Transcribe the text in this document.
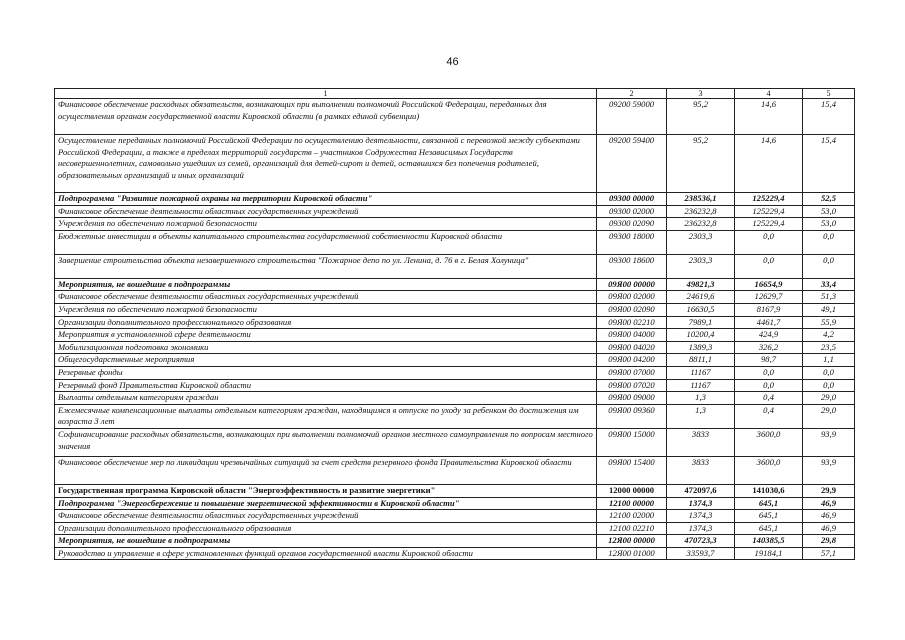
46
1	2	3	4	5
Финансовое обеспечение расходных обязательств, возникающих при выполнении полномочий Российской Федерации, переданных для осуществления органам государственной власти Кировской области (в рамках единой субвенции)	09200 59000	95,2	14,6	15,4
Осуществление переданных полномочий Российской Федерации по осуществлению деятельности, связанной с перевозкой между субъектами Российской Федерации, а также в пределах территорий государств – участников Содружества Независимых Государств несовершеннолетних, самовольно ушедших из семей, организаций для детей-сирот и детей, оставшихся без попечения родителей, образовательных организаций и иных организаций	09200 59400	95,2	14,6	15,4
Подпрограмма "Развитие пожарной охраны на территории Кировской области"	09300 00000	238536,1	125229,4	52,5
Финансовое обеспечение деятельности областных государственных учреждений	09300 02000	236232,8	125229,4	53,0
Учреждения по обеспечению пожарной безопасности	09300 02090	236232,8	125229,4	53,0
Бюджетные инвестиции в объекты капитального строительства государственной собственности Кировской области	09300 18000	2303,3	0,0	0,0
Завершение строительства объекта незавершенного строительства "Пожарное депо по ул. Ленина, д. 76 в г. Белая Холуница"	09300 18600	2303,3	0,0	0,0
Мероприятия, не вошедшие в подпрограммы	09Я00 00000	49821,3	16654,9	33,4
Финансовое обеспечение деятельности областных государственных учреждений	09Я00 02000	24619,6	12629,7	51,3
Учреждения по обеспечению пожарной безопасности	09Я00 02090	16630,5	8167,9	49,1
Организации дополнительного профессионального образования	09Я00 02210	7989,1	4461,7	55,9
Мероприятия в установленной сфере деятельности	09Я00 04000	10200,4	424,9	4,2
Мобилизационная подготовка экономики	09Я00 04020	1389,3	326,2	23,5
Общегосударственные мероприятия	09Я00 04200	8811,1	98,7	1,1
Резервные фонды	09Я00 07000	11167	0,0	0,0
Резервный фонд Правительства Кировской области	09Я00 07020	11167	0,0	0,0
Выплаты отдельным категориям граждан	09Я00 09000	1,3	0,4	29,0
Ежемесячные компенсационные выплаты отдельным категориям граждан, находящимся в отпуске по уходу за ребенком до достижения им возраста 3 лет	09Я00 09360	1,3	0,4	29,0
Софинансирование расходных обязательств, возникающих при выполнении полномочий органов местного самоуправления по вопросам местного значения	09Я00 15000	3833	3600,0	93,9
Финансовое обеспечение мер по ликвидации чрезвычайных ситуаций за счет средств резервного фонда Правительства Кировской области	09Я00 15400	3833	3600,0	93,9
Государственная программа Кировской области "Энергоэффективность и развитие энергетики"	12000 00000	472097,6	141030,6	29,9
Подпрограмма "Энергосбережение и повышение энергетической эффективности в Кировской области"	12100 00000	1374,3	645,1	46,9
Финансовое обеспечение деятельности областных государственных учреждений	12100 02000	1374,3	645,1	46,9
Организации дополнительного профессионального образования	12100 02210	1374,3	645,1	46,9
Мероприятия, не вошедшие в подпрограммы	12Я00 00000	470723,3	140385,5	29,8
Руководство и управление в сфере установленных функций органов государственной власти Кировской области	12Я00 01000	33593,7	19184,1	57,1
